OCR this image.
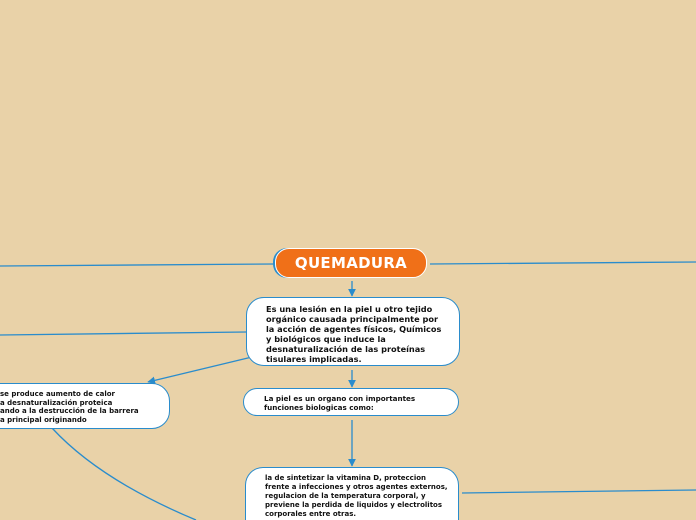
QUEMADURA
Es una lesión en la piel u otro tejido orgánico causada principalmente por la acción de agentes físicos, Químicos y biológicos que induce la desnaturalización de las proteínas tisulares implicadas.
La piel es un organo con importantes funciones biologicas como:
la de sintetizar la vitamina D, proteccion frente a infecciones y otros agentes externos, regulacion de la temperatura corporal, y previene la perdida de liquidos y electrolitos corporales entre otras.
se produce aumento de calor
a desnaturalización proteica
ando a la destrucción de la barrera
a principal originando
